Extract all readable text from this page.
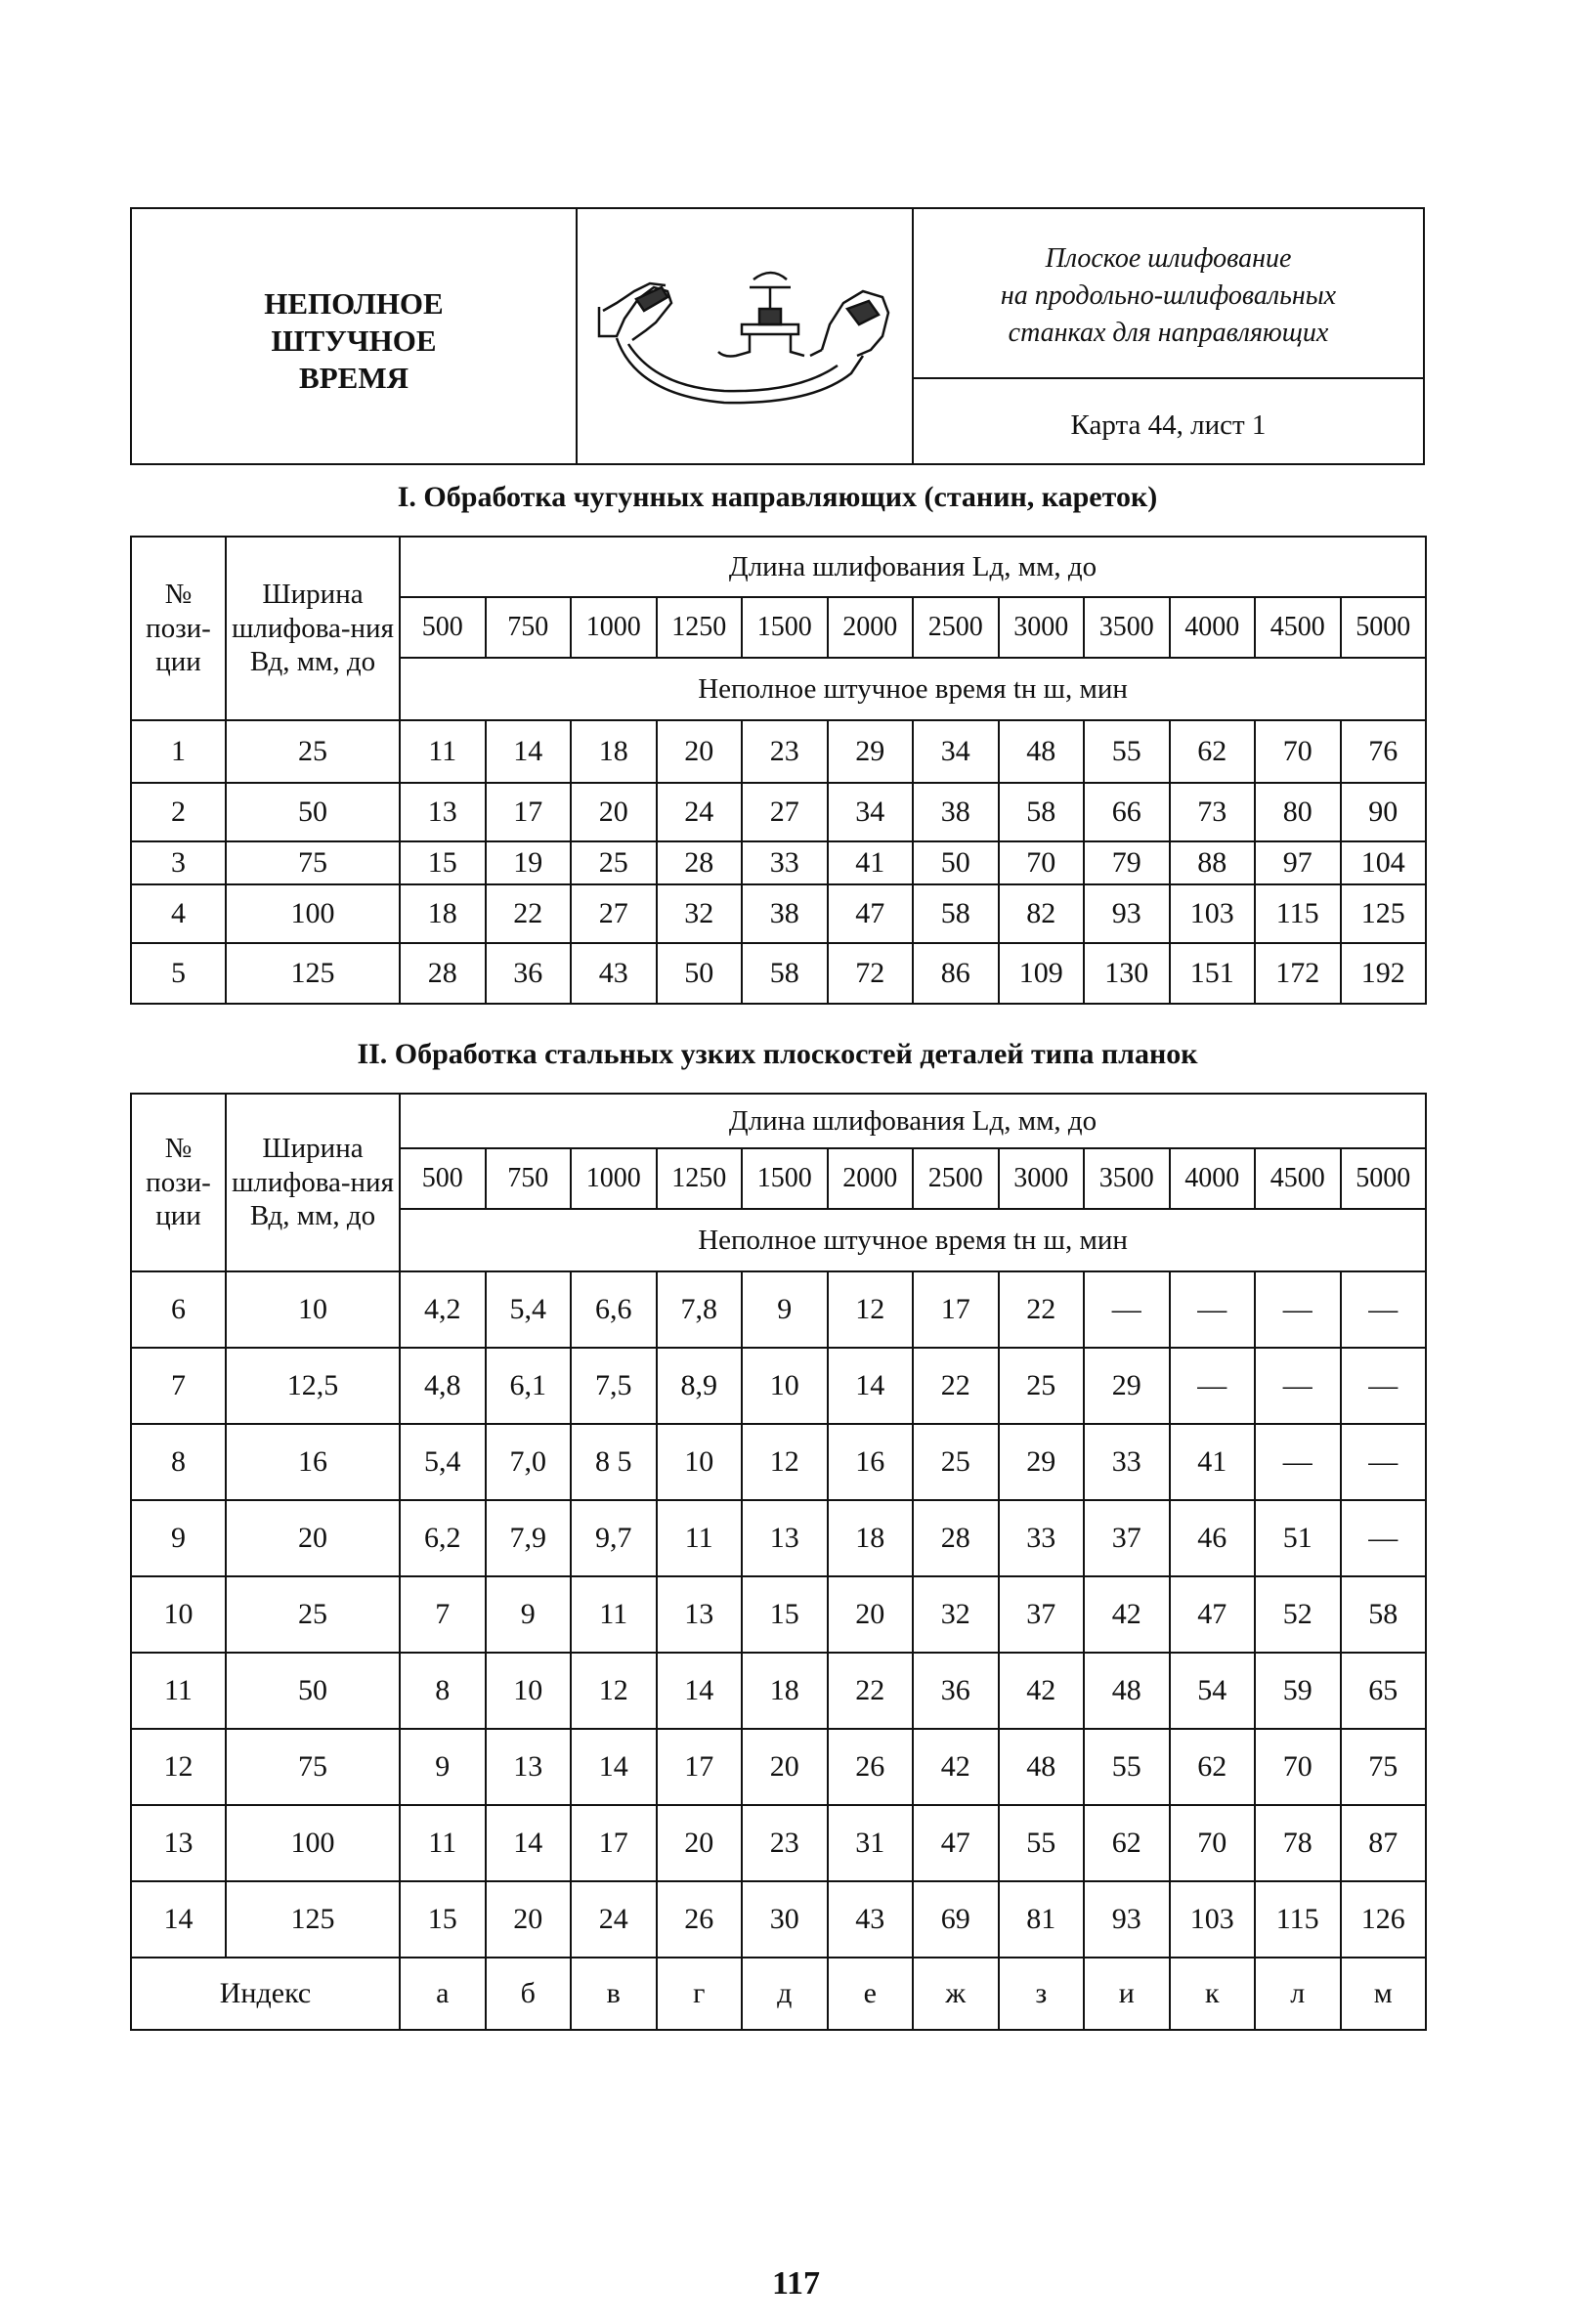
НЕПОЛНОЕ
ШТУЧНОЕ
ВРЕМЯ
Плоское шлифование
на продольно-шлифовальных
станках для направляющих
Карта 44, лист 1
I. Обработка чугунных направляющих (станин, кареток)
№ пози-ции	Ширина шлифова-ния Вд, мм, до	Длина шлифования Lд, мм, до											
		500	750	1000	1250	1500	2000	2500	3000	3500	4000	4500	5000
		Неполное штучное время tн ш, мин											
1	25	11	14	18	20	23	29	34	48	55	62	70	76
2	50	13	17	20	24	27	34	38	58	66	73	80	90
3	75	15	19	25	28	33	41	50	70	79	88	97	104
4	100	18	22	27	32	38	47	58	82	93	103	115	125
5	125	28	36	43	50	58	72	86	109	130	151	172	192
II. Обработка стальных узких плоскостей деталей типа планок
№ пози-ции	Ширина шлифова-ния Вд, мм, до	Длина шлифования Lд, мм, до											
		500	750	1000	1250	1500	2000	2500	3000	3500	4000	4500	5000
		Неполное штучное время tн ш, мин											
6	10	4,2	5,4	6,6	7,8	9	12	17	22	—	—	—	—
7	12,5	4,8	6,1	7,5	8,9	10	14	22	25	29	—	—	—
8	16	5,4	7,0	8 5	10	12	16	25	29	33	41	—	—
9	20	6,2	7,9	9,7	11	13	18	28	33	37	46	51	—
10	25	7	9	11	13	15	20	32	37	42	47	52	58
11	50	8	10	12	14	18	22	36	42	48	54	59	65
12	75	9	13	14	17	20	26	42	48	55	62	70	75
13	100	11	14	17	20	23	31	47	55	62	70	78	87
14	125	15	20	24	26	30	43	69	81	93	103	115	126
Индекс		а	б	в	г	д	е	ж	з	и	к	л	м
117
